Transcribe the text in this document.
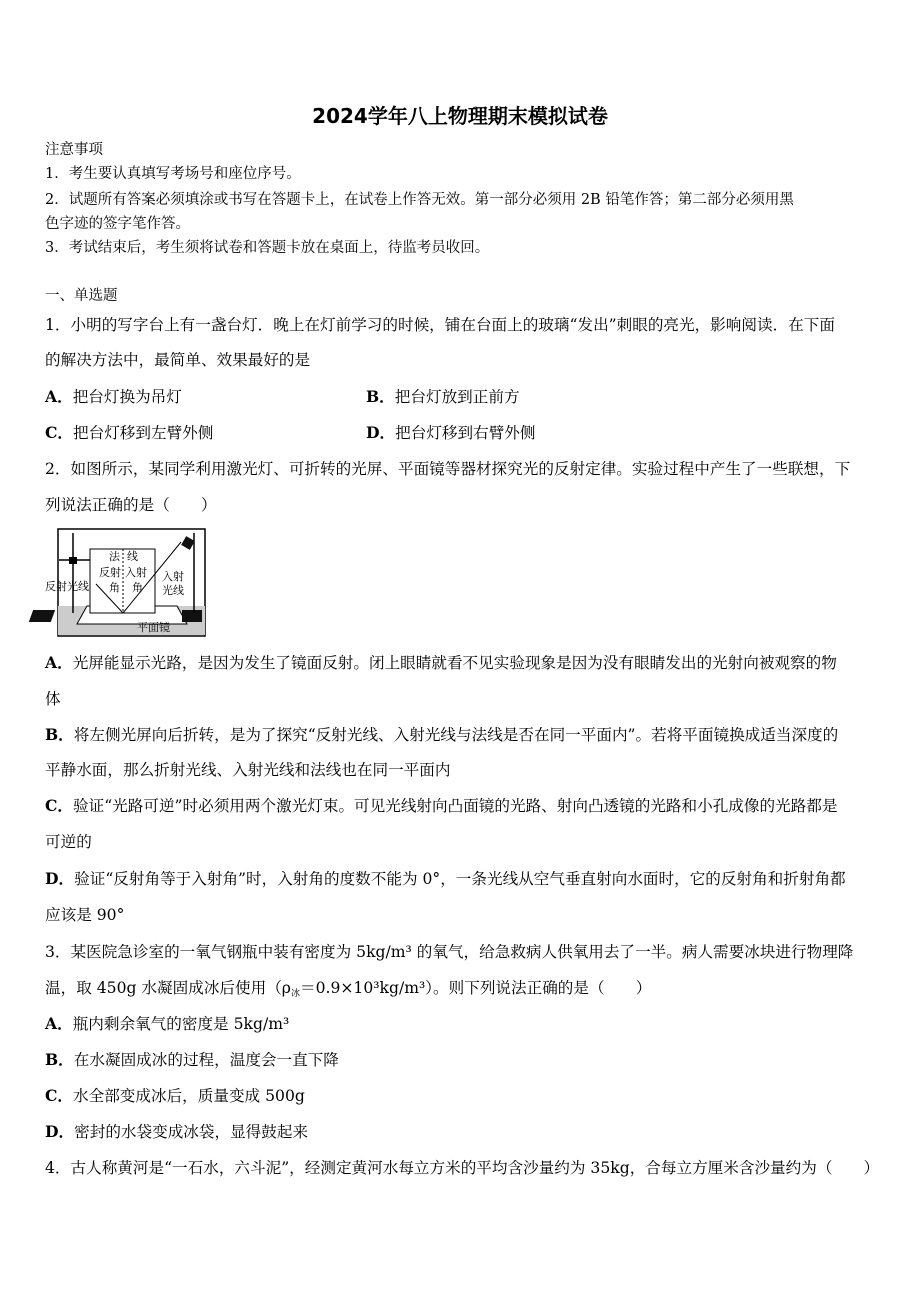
2024学年八上物理期末模拟试卷
注意事项
1．考生要认真填写考场号和座位序号。
2．试题所有答案必须填涂或书写在答题卡上，在试卷上作答无效。第一部分必须用 2B 铅笔作答；第二部分必须用黑
色字迹的签字笔作答。
3．考试结束后，考生须将试卷和答题卡放在桌面上，待监考员收回。
一、单选题
1．小明的写字台上有一盏台灯．晚上在灯前学习的时候，铺在台面上的玻璃“发出”刺眼的亮光，影响阅读．在下面
的解决方法中，最简单、效果最好的是
A．把台灯换为吊灯	B．把台灯放到正前方
C．把台灯移到左臂外侧	D．把台灯移到右臂外侧
2．如图所示，某同学利用激光灯、可折转的光屏、平面镜等器材探究光的反射定律。实验过程中产生了一些联想，下
列说法正确的是（　　）
法 线
反射
角
入射
角
反射光线
入射
光线
平面镜
A．光屏能显示光路，是因为发生了镜面反射。闭上眼睛就看不见实验现象是因为没有眼睛发出的光射向被观察的物
体
B．将左侧光屏向后折转，是为了探究“反射光线、入射光线与法线是否在同一平面内”。若将平面镜换成适当深度的
平静水面，那么折射光线、入射光线和法线也在同一平面内
C．验证“光路可逆”时必须用两个激光灯束。可见光线射向凸面镜的光路、射向凸透镜的光路和小孔成像的光路都是
可逆的
D．验证“反射角等于入射角”时，入射角的度数不能为 0°，一条光线从空气垂直射向水面时，它的反射角和折射角都
应该是 90°
3．某医院急诊室的一氧气钢瓶中装有密度为 5kg/m³ 的氧气，给急救病人供氧用去了一半。病人需要冰块进行物理降
温，取 450g 水凝固成冰后使用$(\rho_冰=0.9\times 10^3kg/m^3)$。则下列说法正确的是（　　）
A．瓶内剩余氧气的密度是 5kg/m³
B．在水凝固成冰的过程，温度会一直下降
C．水全部变成冰后，质量变成 500g
D．密封的水袋变成冰袋，显得鼓起来
4．古人称黄河是“一石水，六斗泥”，经测定黄河水每立方米的平均含沙量约为 35kg，合每立方厘米含沙量约为（　　）
